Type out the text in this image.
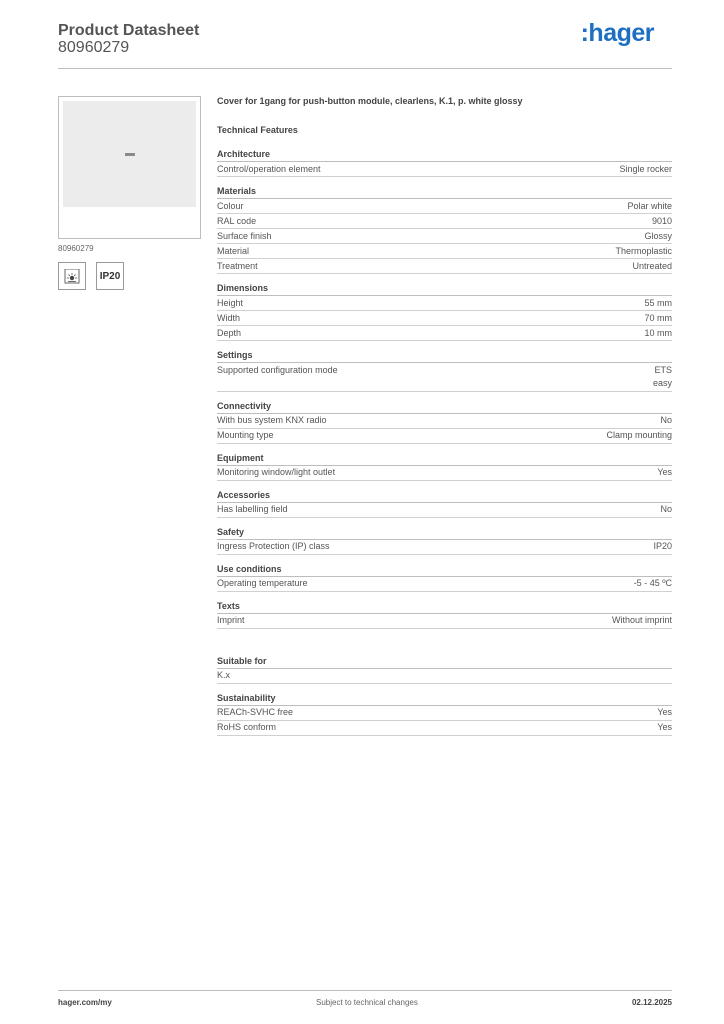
Product Datasheet
80960279
:hager
80960279
IP20
Cover for 1gang for push-button module, clearlens, K.1, p. white glossy
Technical Features
Architecture
Control/operation element	Single rocker
Materials
Colour	Polar white
RAL code	9010
Surface finish	Glossy
Material	Thermoplastic
Treatment	Untreated
Dimensions
Height	55 mm
Width	70 mm
Depth	10 mm
Settings
Supported configuration mode	ETS
easy
Connectivity
With bus system KNX radio	No
Mounting type	Clamp mounting
Equipment
Monitoring window/light outlet	Yes
Accessories
Has labelling field	No
Safety
Ingress Protection (IP) class	IP20
Use conditions
Operating temperature	-5 - 45 ºC
Texts
Imprint	Without imprint
Suitable for
K.x
Sustainability
REACh-SVHC free	Yes
RoHS conform	Yes
hager.com/my	Subject to technical changes	02.12.2025
